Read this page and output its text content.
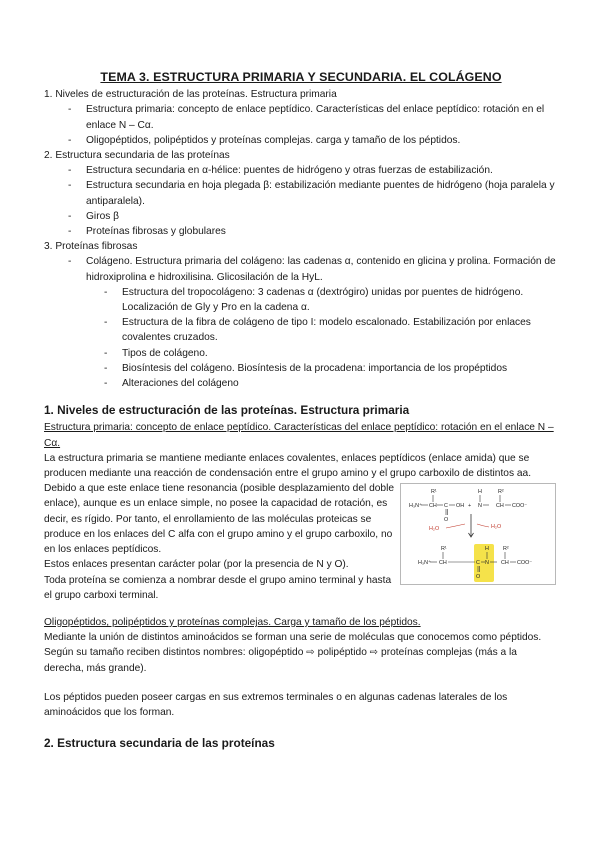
TEMA 3. ESTRUCTURA PRIMARIA Y SECUNDARIA. EL COLÁGENO
1. Niveles de estructuración de las proteínas. Estructura primaria
- Estructura primaria: concepto de enlace peptídico. Características del enlace peptídico: rotación en el enlace N – Cα.
- Oligopéptidos, polipéptidos y proteínas complejas. carga y tamaño de los péptidos.
2. Estructura secundaria de las proteínas
- Estructura secundaria en α-hélice: puentes de hidrógeno y otras fuerzas de estabilización.
- Estructura secundaria en hoja plegada β: estabilización mediante puentes de hidrógeno (hoja paralela y antiparalela).
- Giros β
- Proteínas fibrosas y globulares
3. Proteínas fibrosas
- Colágeno. Estructura primaria del colágeno: las cadenas α, contenido en glicina y prolina. Formación de hidroxiprolina e hidroxilisina. Glicosilación de la HyL.
- Estructura del tropocolágeno: 3 cadenas α (dextrógiro) unidas por puentes de hidrógeno. Localización de Gly y Pro en la cadena α.
- Estructura de la fibra de colágeno de tipo I: modelo escalonado. Estabilización por enlaces covalentes cruzados.
- Tipos de colágeno.
- Biosíntesis del colágeno. Biosíntesis de la procadena: importancia de los propéptidos
- Alteraciones del colágeno
1. Niveles de estructuración de las proteínas. Estructura primaria
Estructura primaria: concepto de enlace peptídico. Características del enlace peptídico: rotación en el enlace N – Cα.
La estructura primaria se mantiene mediante enlaces covalentes, enlaces peptídicos (enlace amida) que se producen mediante una reacción de condensación entre el grupo amino y el grupo carboxilo de distintos aa.
Debido a que este enlace tiene resonancia (posible desplazamiento del doble enlace), aunque es un enlace simple, no posee la capacidad de rotación, es decir, es rígido. Por tanto, el enrollamiento de las moléculas proteicas se produce en los enlaces del C alfa con el grupo amino y el grupo carboxilo, no en los enlaces peptídicos.
Estos enlaces presentan carácter polar (por la presencia de N y O).
Toda proteína se comienza a nombrar desde el grupo amino terminal y hasta el grupo carboxi terminal.
R¹
H₃N⁺ CH C
O
OH +
H
N
R²
CH COO⁻
H₂O	H₂O
R¹
H₃N⁺ CH	C
O
H
N
R²
CH COO⁻
Oligopéptidos, polipéptidos y proteínas complejas. Carga y tamaño de los péptidos.
Mediante la unión de distintos aminoácidos se forman una serie de moléculas que conocemos como péptidos. Según su tamaño reciben distintos nombres: oligopéptido ⇨ polipéptido ⇨ proteínas complejas (más a la derecha, más grande).
Los péptidos pueden poseer cargas en sus extremos terminales o en algunas cadenas laterales de los aminoácidos que los forman.
2. Estructura secundaria de las proteínas
